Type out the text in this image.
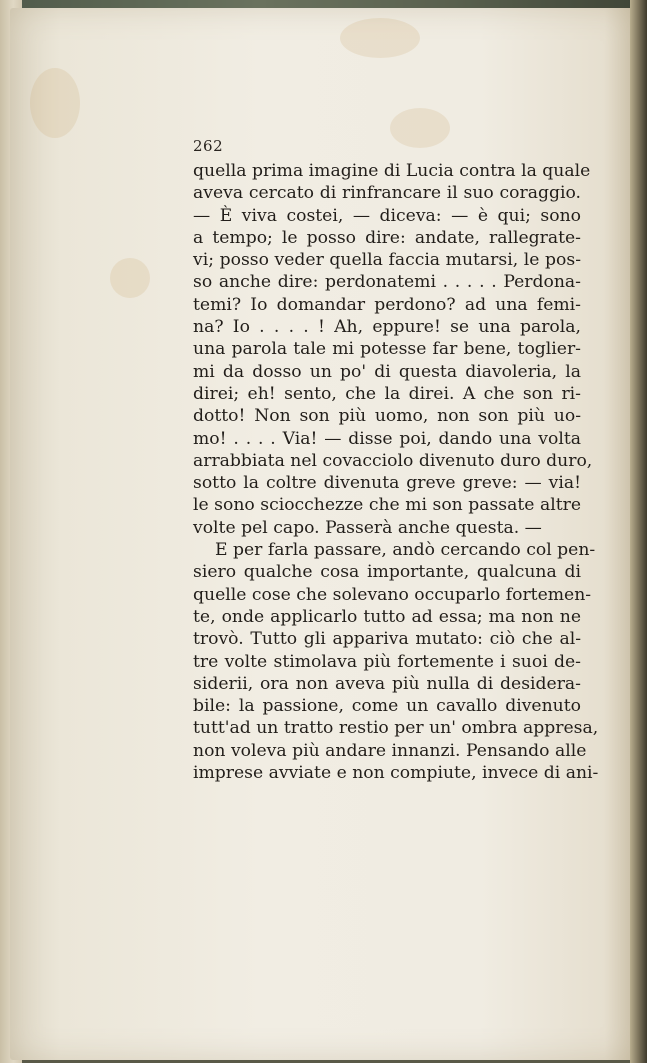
262
quella prima imagine di Lucia contra la quale
aveva cercato di rinfrancare il suo coraggio.
— È viva costei, — diceva: — è qui; sono
a tempo; le posso dire: andate, rallegrate-
vi; posso veder quella faccia mutarsi, le pos-
so anche dire: perdonatemi . . . . . Perdona-
temi? Io domandar perdono? ad una femi-
na? Io . . . . ! Ah, eppure! se una parola,
una parola tale mi potesse far bene, toglier-
mi da dosso un po' di questa diavoleria, la
direi; eh! sento, che la direi. A che son ri-
dotto! Non son più uomo, non son più uo-
mo! . . . . Via! — disse poi, dando una volta
arrabbiata nel covacciolo divenuto duro duro,
sotto la coltre divenuta greve greve: — via!
le sono sciocchezze che mi son passate altre
volte pel capo. Passerà anche questa. —
E per farla passare, andò cercando col pen-
siero qualche cosa importante, qualcuna di
quelle cose che solevano occuparlo fortemen-
te, onde applicarlo tutto ad essa; ma non ne
trovò. Tutto gli appariva mutato: ciò che al-
tre volte stimolava più fortemente i suoi de-
siderii, ora non aveva più nulla di desidera-
bile: la passione, come un cavallo divenuto
tutt'ad un tratto restio per un' ombra appresa,
non voleva più andare innanzi. Pensando alle
imprese avviate e non compiute, invece di ani-
